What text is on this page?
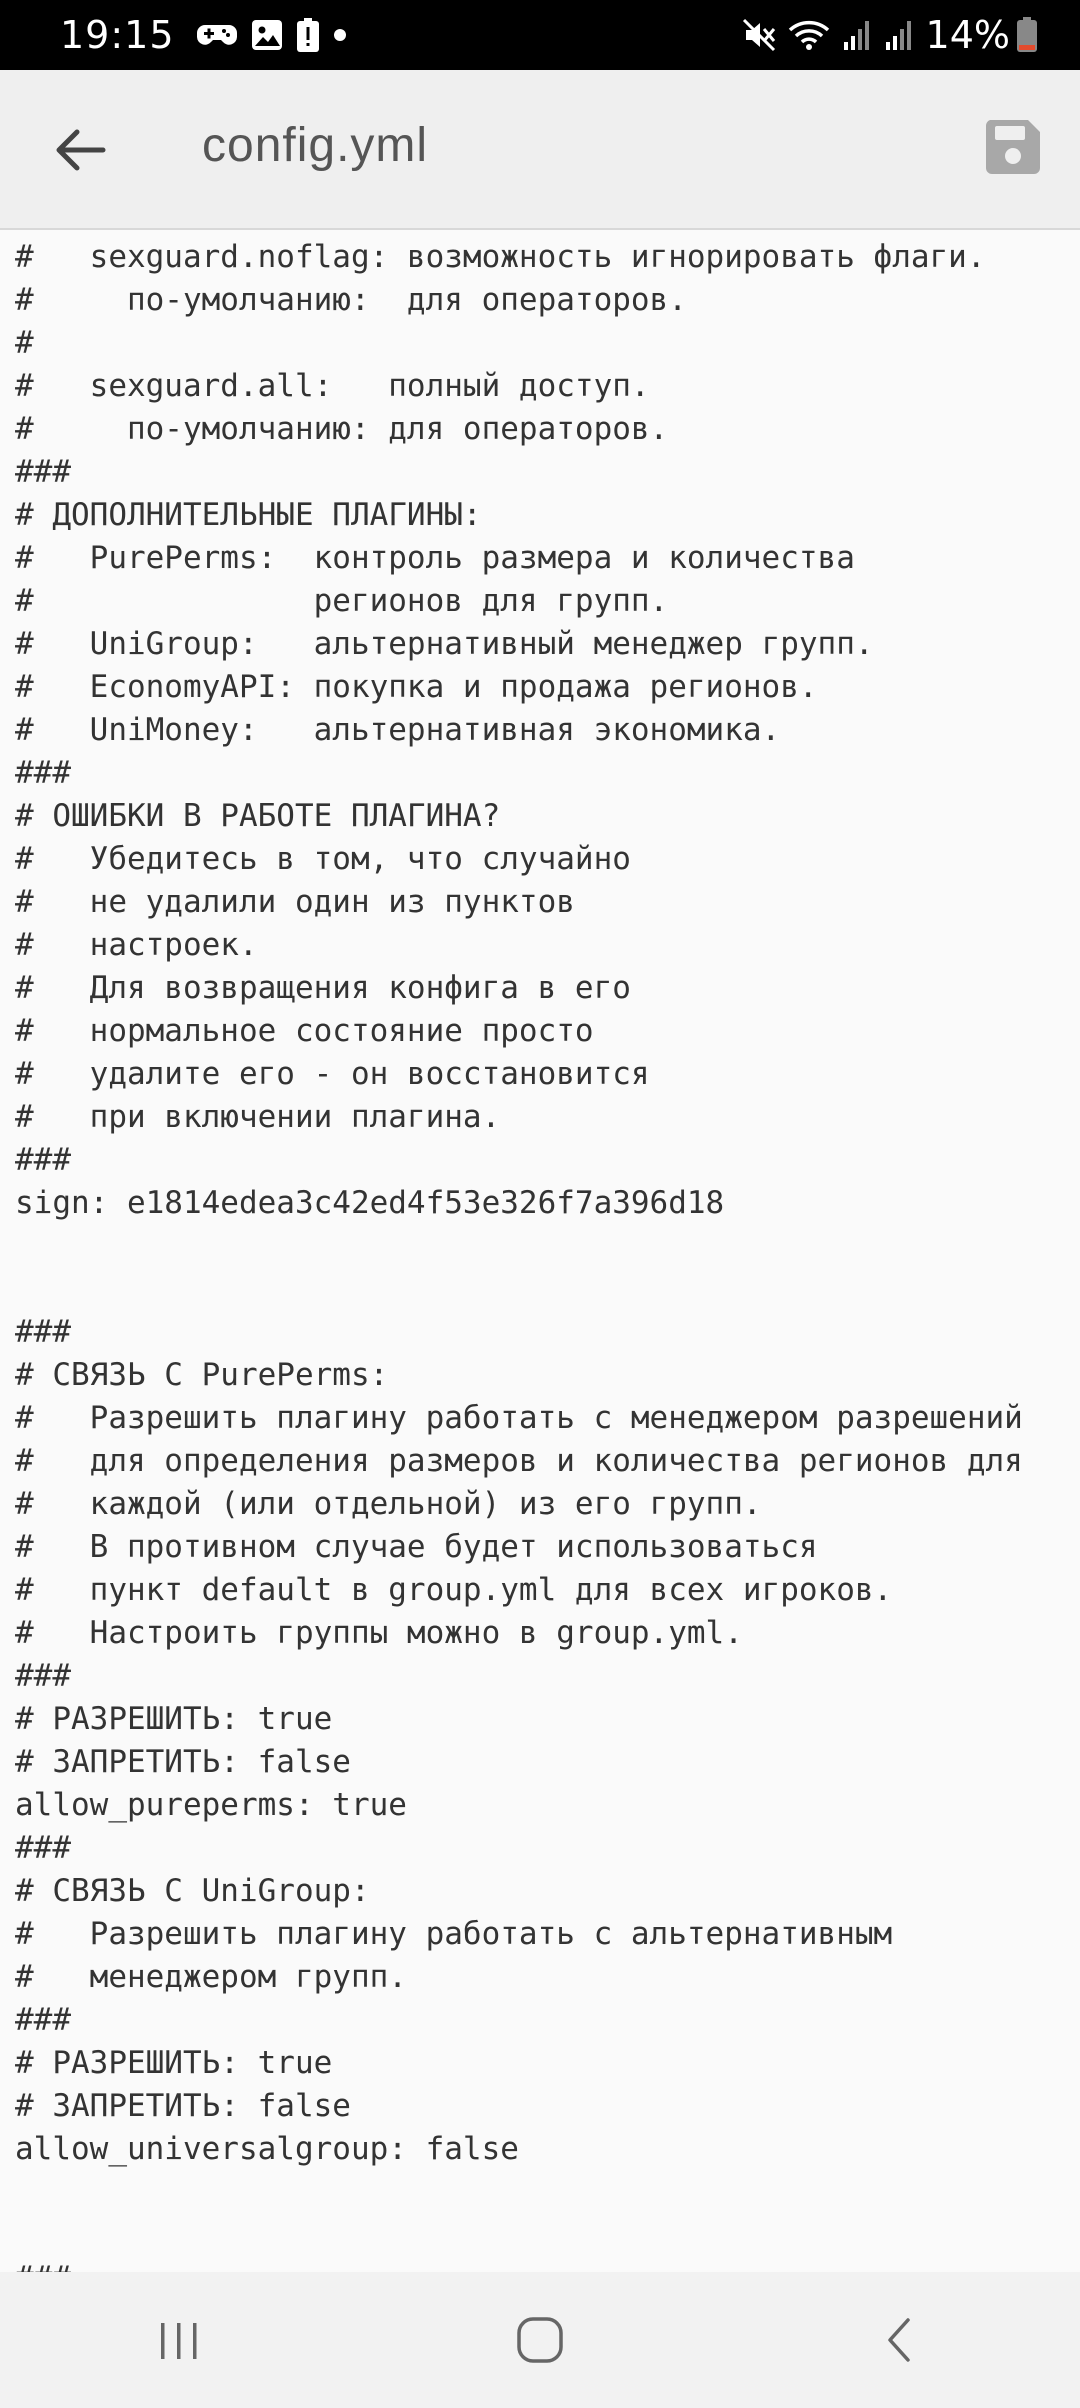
19:15	14%
config.yml
#   sexguard.noflag: возможность игнорировать флаги.
#     по-умолчанию:  для операторов.
#
#   sexguard.all:   полный доступ.
#     по-умолчанию: для операторов.
###
# ДОПОЛНИТЕЛЬНЫЕ ПЛАГИНЫ:
#   PurePerms:  контроль размера и количества
#               регионов для групп.
#   UniGroup:   альтернативный менеджер групп.
#   EconomyAPI: покупка и продажа регионов.
#   UniMoney:   альтернативная экономика.
###
# ОШИБКИ В РАБОТЕ ПЛАГИНА?
#   Убедитесь в том, что случайно
#   не удалили один из пунктов
#   настроек.
#   Для возвращения конфига в его
#   нормальное состояние просто
#   удалите его - он восстановится
#   при включении плагина.
###
sign: e1814edea3c42ed4f53e326f7a396d18

###
# СВЯЗЬ С PurePerms:
#   Разрешить плагину работать с менеджером разрешений
#   для определения размеров и количества регионов для
#   каждой (или отдельной) из его групп.
#   В противном случае будет использоваться
#   пункт default в group.yml для всех игроков.
#   Настроить группы можно в group.yml.
###
# РАЗРЕШИТЬ: true
# ЗАПРЕТИТЬ: false
allow_pureperms: true
###
# СВЯЗЬ С UniGroup:
#   Разрешить плагину работать с альтернативным
#   менеджером групп.
###
# РАЗРЕШИТЬ: true
# ЗАПРЕТИТЬ: false
allow_universalgroup: false
